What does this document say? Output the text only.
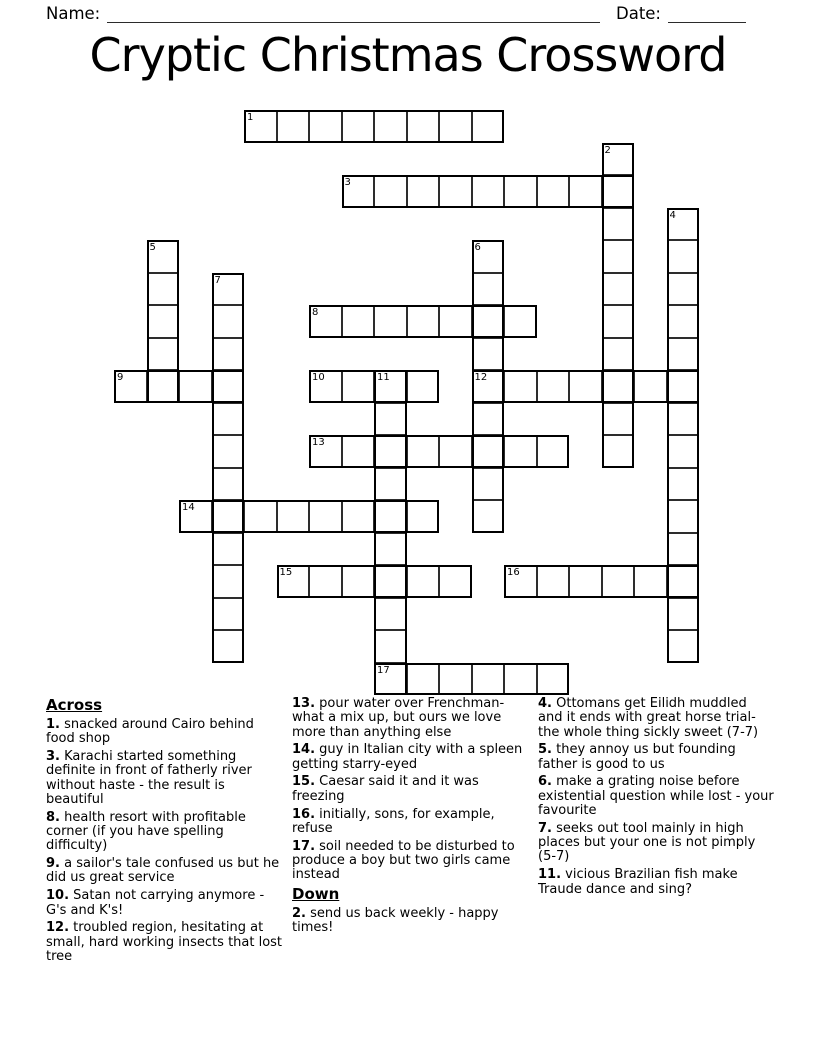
Name:	Date:
Cryptic Christmas Crossword
1
2
3
4
5	6
7
8
9	10	11	12
13
14
15	16
17
Across

1. snacked around Cairo behind food shop

3. Karachi started something definite in front of fatherly river without haste - the result is beautiful

8. health resort with profitable corner (if you have spelling difficulty)

9. a sailor's tale confused us but he did us great service

10. Satan not carrying anymore - G's and K's!

12. troubled region, hesitating at small, hard working insects that lost tree

13. pour water over Frenchman-what a mix up, but ours we love more than anything else

14. guy in Italian city with a spleen getting starry-eyed

15. Caesar said it and it was freezing

16. initially, sons, for example, refuse

17. soil needed to be disturbed to produce a boy but two girls came instead

Down

2. send us back weekly - happy times!

4. Ottomans get Eilidh muddled and it ends with great horse trial-the whole thing sickly sweet (7-7)

5. they annoy us but founding father is good to us

6. make a grating noise before existential question while lost - your favourite

7. seeks out tool mainly in high places but your one is not pimply (5-7)

11. vicious Brazilian fish make Traude dance and sing?
